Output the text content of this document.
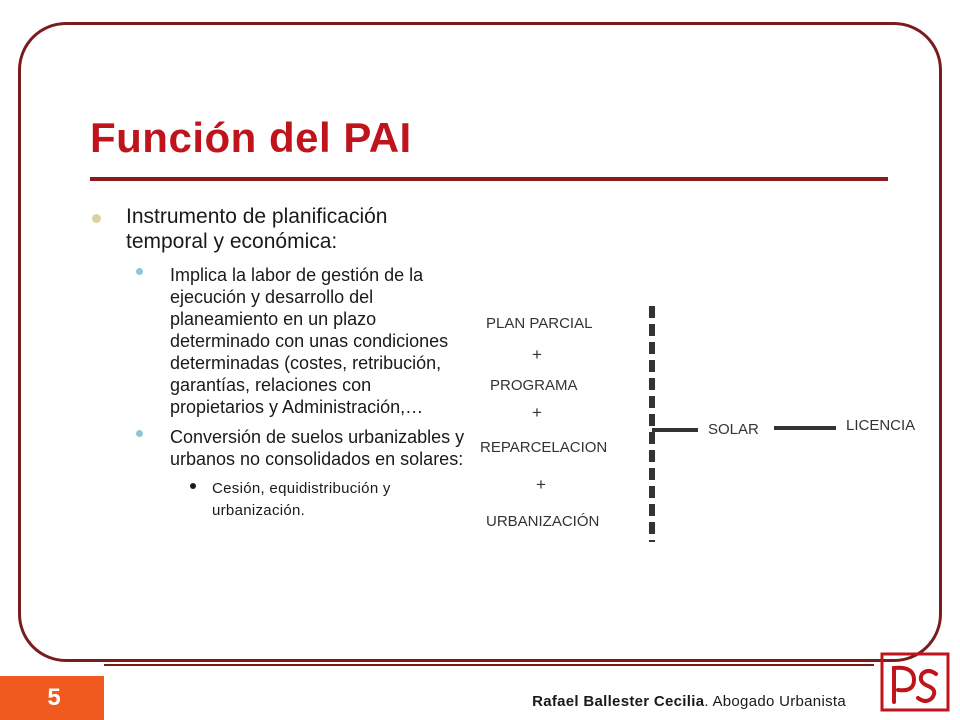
Función del PAI
Instrumento de planificación temporal y económica:
Implica la labor de gestión de la ejecución y desarrollo del planeamiento en un plazo determinado con unas condiciones determinadas (costes, retribución, garantías, relaciones con propietarios y Administración,…
Conversión de suelos urbanizables y urbanos no consolidados en solares:
Cesión, equidistribución y urbanización.
PLAN PARCIAL
+
PROGRAMA
+
REPARCELACION
+
URBANIZACIÓN
SOLAR	LICENCIA
5	Rafael Ballester Cecilia. Abogado Urbanista
